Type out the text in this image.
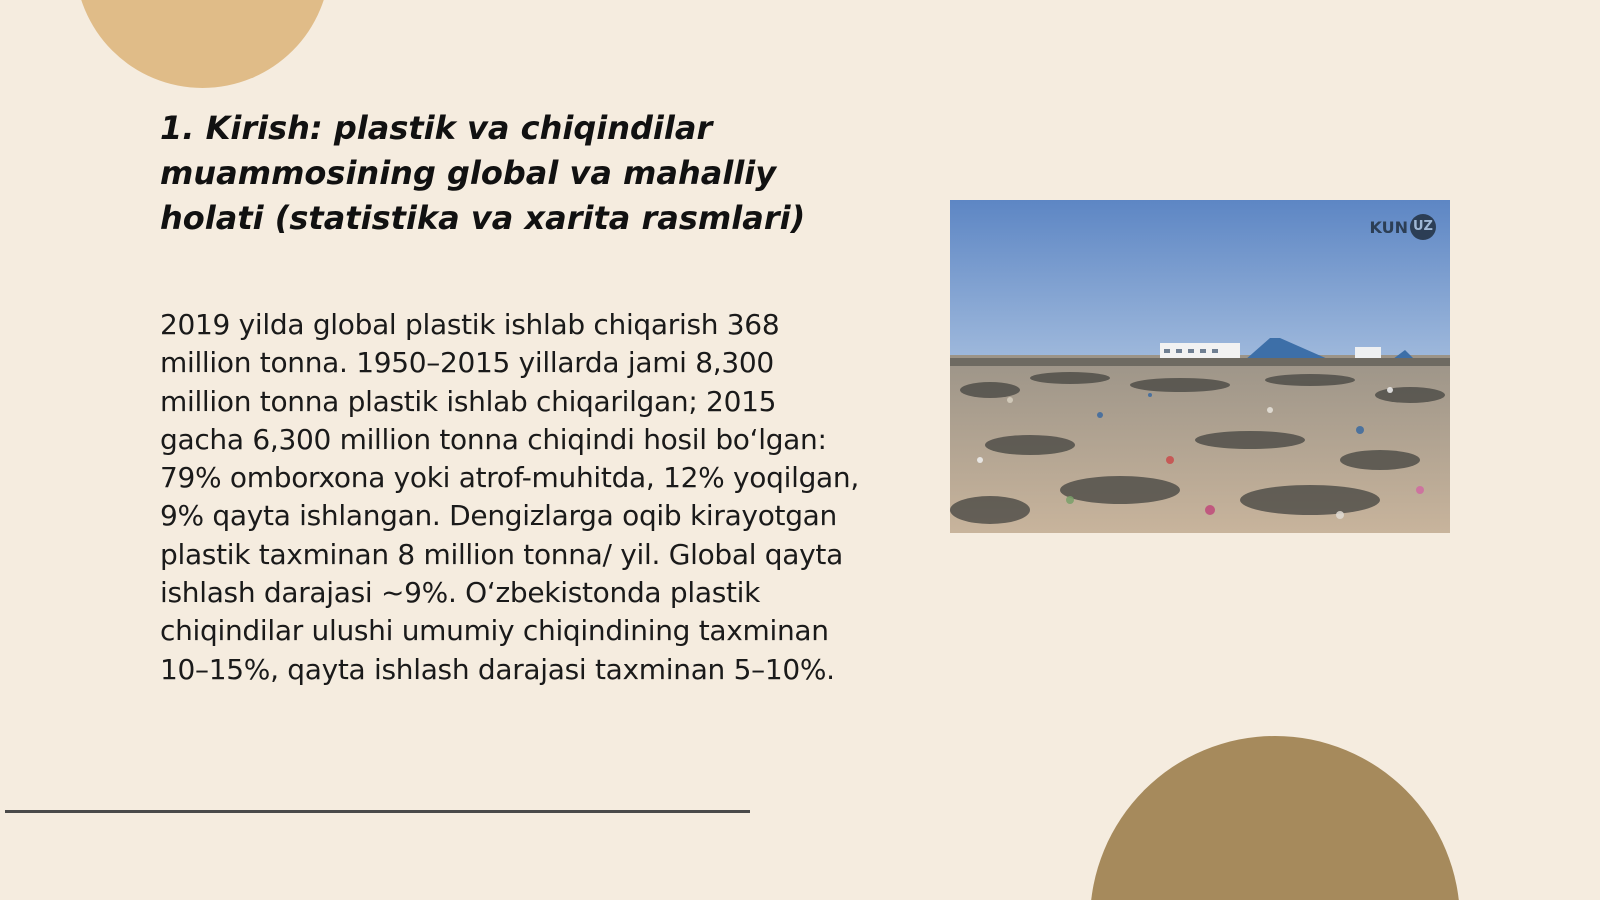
1. Kirish: plastik va chiqindilar muammosining global va mahalliy holati (statistika va xarita rasmlari)

2019 yilda global plastik ishlab chiqarish 368 million tonna. 1950–2015 yillarda jami 8,300 million tonna plastik ishlab chiqarilgan; 2015 gacha 6,300 million tonna chiqindi hosil bo‘lgan: 79% omborxona yoki atrof-muhitda, 12% yoqilgan, 9% qayta ishlangan. Dengizlarga oqib kirayotgan plastik taxminan 8 million tonna/ yil. Global qayta ishlash darajasi ~9%. O‘zbekistonda plastik chiqindilar ulushi umumiy chiqindining taxminan 10–15%, qayta ishlash darajasi taxminan 5–10%.

KUN UZ
